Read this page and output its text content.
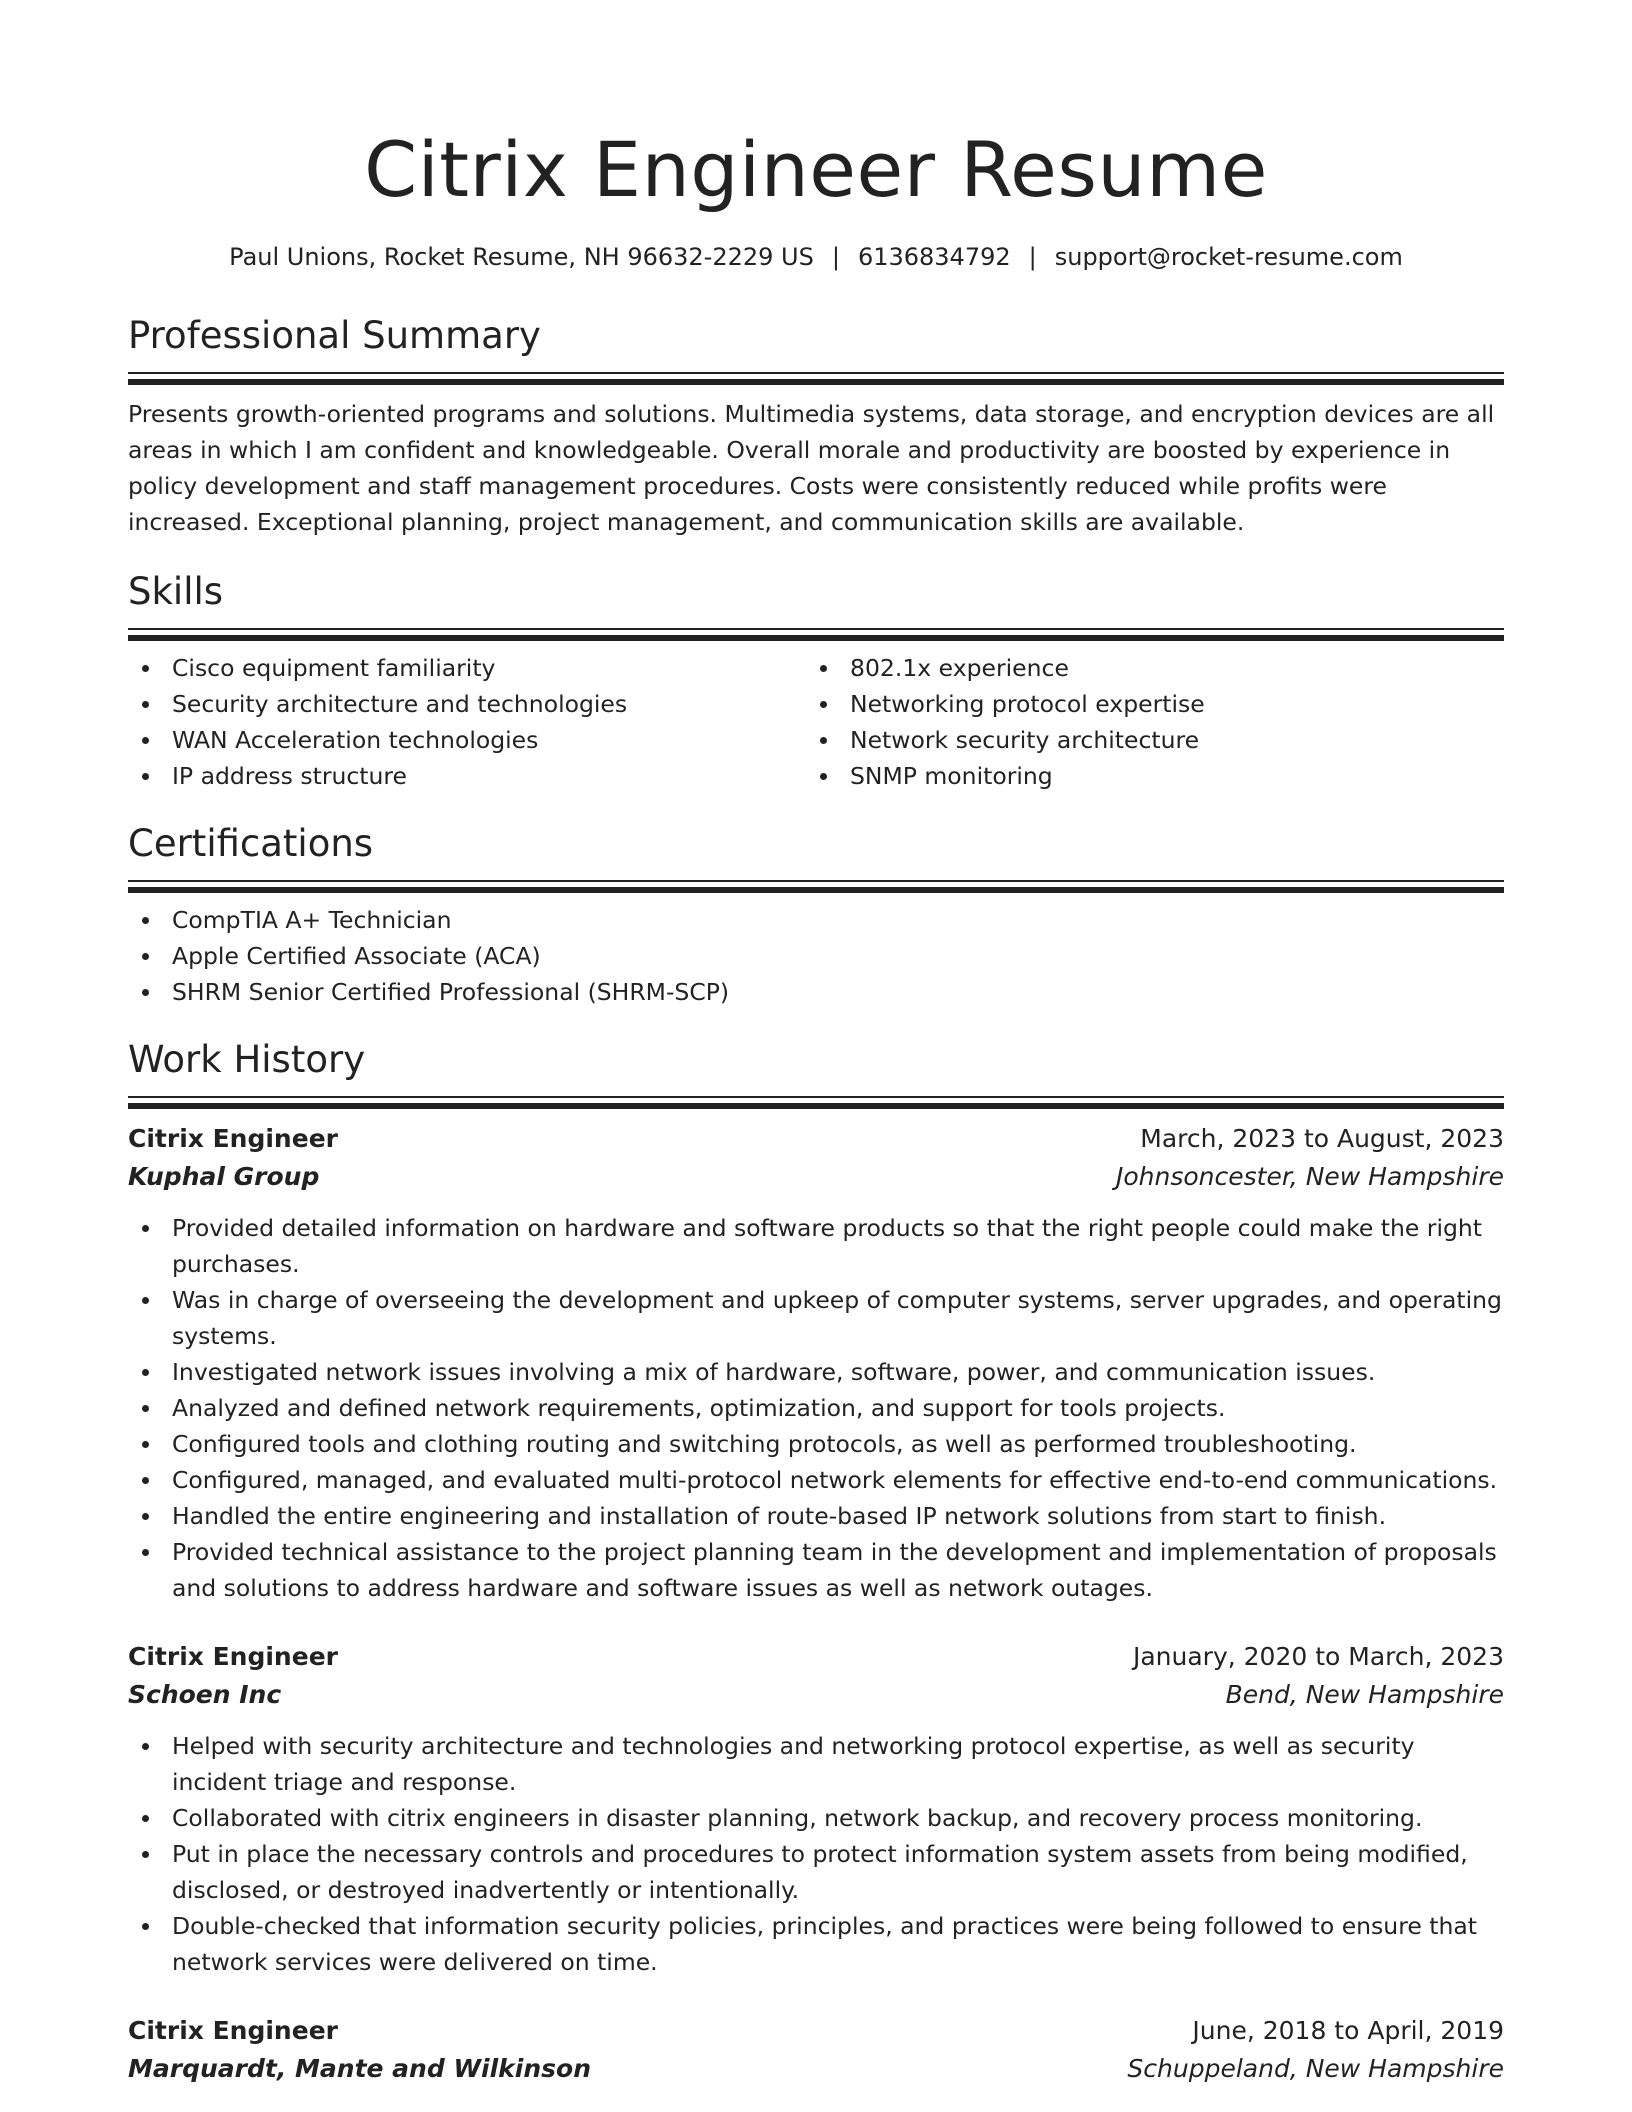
Citrix Engineer Resume
Paul Unions, Rocket Resume, NH 96632-2229 US | 6136834792 | support@rocket-resume.com
Professional Summary

Presents growth-oriented programs and solutions. Multimedia systems, data storage, and encryption devices are all areas in which I am confident and knowledgeable. Overall morale and productivity are boosted by experience in policy development and staff management procedures. Costs were consistently reduced while profits were increased. Exceptional planning, project management, and communication skills are available.

Skills
Cisco equipment familiarity
Security architecture and technologies
WAN Acceleration technologies
IP address structure
802.1x experience
Networking protocol expertise
Network security architecture
SNMP monitoring
Certifications
CompTIA A+ Technician
Apple Certified Associate (ACA)
SHRM Senior Certified Professional (SHRM-SCP)
Work History
Citrix Engineer	March, 2023 to August, 2023
Kuphal Group	Johnsoncester, New Hampshire
Provided detailed information on hardware and software products so that the right people could make the right purchases.
Was in charge of overseeing the development and upkeep of computer systems, server upgrades, and operating systems.
Investigated network issues involving a mix of hardware, software, power, and communication issues.
Analyzed and defined network requirements, optimization, and support for tools projects.
Configured tools and clothing routing and switching protocols, as well as performed troubleshooting.
Configured, managed, and evaluated multi-protocol network elements for effective end-to-end communications.
Handled the entire engineering and installation of route-based IP network solutions from start to finish.
Provided technical assistance to the project planning team in the development and implementation of proposals and solutions to address hardware and software issues as well as network outages.
Citrix Engineer	January, 2020 to March, 2023
Schoen Inc	Bend, New Hampshire
Helped with security architecture and technologies and networking protocol expertise, as well as security incident triage and response.
Collaborated with citrix engineers in disaster planning, network backup, and recovery process monitoring.
Put in place the necessary controls and procedures to protect information system assets from being modified, disclosed, or destroyed inadvertently or intentionally.
Double-checked that information security policies, principles, and practices were being followed to ensure that network services were delivered on time.
Citrix Engineer	June, 2018 to April, 2019
Marquardt, Mante and Wilkinson	Schuppeland, New Hampshire
